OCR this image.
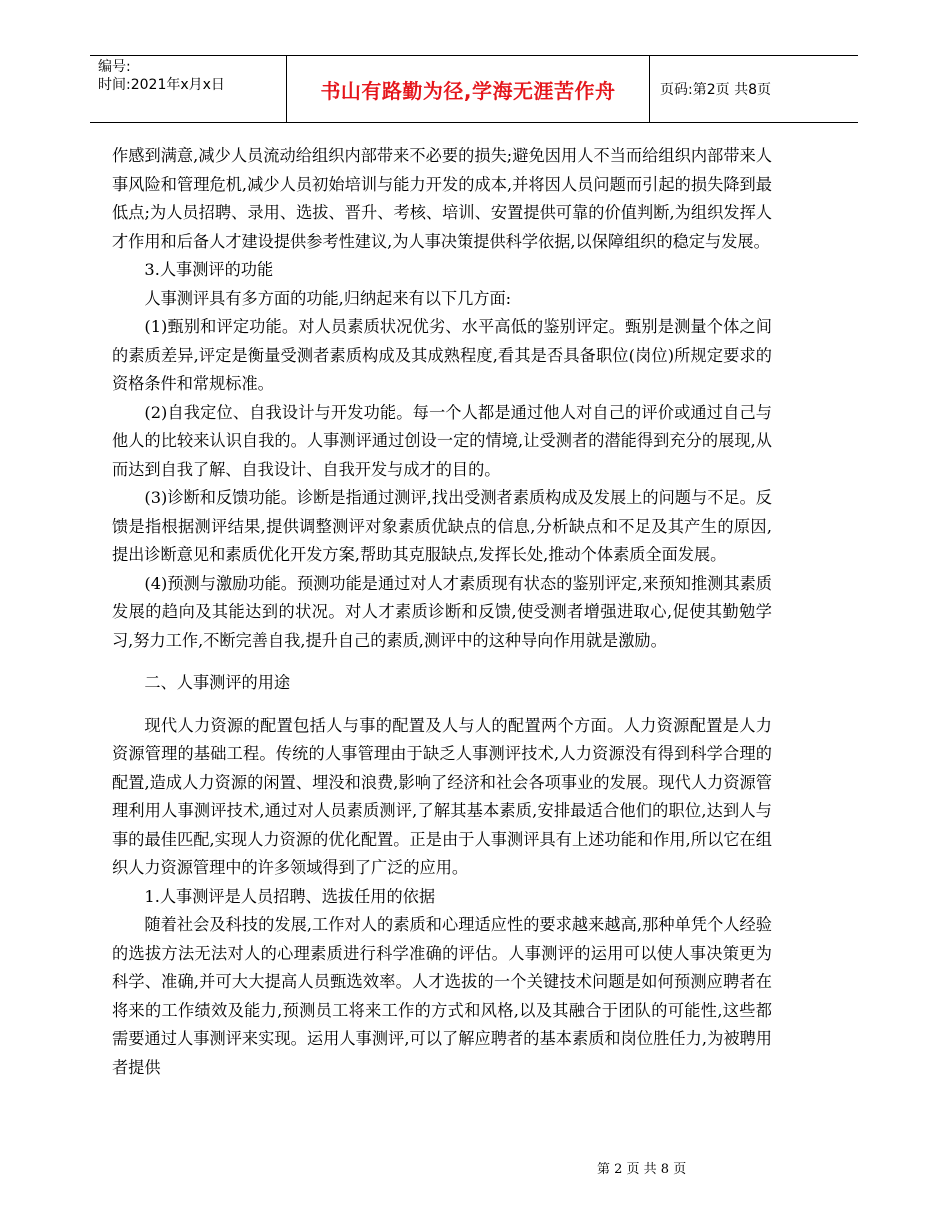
编号:
时间:2021年x月x日	书山有路勤为径,学海无涯苦作舟	页码:第2页 共8页

作感到满意,减少人员流动给组织内部带来不必要的损失;避免因用人不当而给组织内部带来人事风险和管理危机,减少人员初始培训与能力开发的成本,并将因人员问题而引起的损失降到最低点;为人员招聘、录用、选拔、晋升、考核、培训、安置提供可靠的价值判断,为组织发挥人才作用和后备人才建设提供参考性建议,为人事决策提供科学依据,以保障组织的稳定与发展。

3.人事测评的功能

人事测评具有多方面的功能,归纳起来有以下几方面:

(1)甄别和评定功能。对人员素质状况优劣、水平高低的鉴别评定。甄别是测量个体之间的素质差异,评定是衡量受测者素质构成及其成熟程度,看其是否具备职位(岗位)所规定要求的资格条件和常规标准。

(2)自我定位、自我设计与开发功能。每一个人都是通过他人对自己的评价或通过自己与他人的比较来认识自我的。人事测评通过创设一定的情境,让受测者的潜能得到充分的展现,从而达到自我了解、自我设计、自我开发与成才的目的。

(3)诊断和反馈功能。诊断是指通过测评,找出受测者素质构成及发展上的问题与不足。反馈是指根据测评结果,提供调整测评对象素质优缺点的信息,分析缺点和不足及其产生的原因,提出诊断意见和素质优化开发方案,帮助其克服缺点,发挥长处,推动个体素质全面发展。

(4)预测与激励功能。预测功能是通过对人才素质现有状态的鉴别评定,来预知推测其素质发展的趋向及其能达到的状况。对人才素质诊断和反馈,使受测者增强进取心,促使其勤勉学习,努力工作,不断完善自我,提升自己的素质,测评中的这种导向作用就是激励。

二、人事测评的用途

现代人力资源的配置包括人与事的配置及人与人的配置两个方面。人力资源配置是人力资源管理的基础工程。传统的人事管理由于缺乏人事测评技术,人力资源没有得到科学合理的配置,造成人力资源的闲置、埋没和浪费,影响了经济和社会各项事业的发展。现代人力资源管理利用人事测评技术,通过对人员素质测评,了解其基本素质,安排最适合他们的职位,达到人与事的最佳匹配,实现人力资源的优化配置。正是由于人事测评具有上述功能和作用,所以它在组织人力资源管理中的许多领域得到了广泛的应用。

1.人事测评是人员招聘、选拔任用的依据

随着社会及科技的发展,工作对人的素质和心理适应性的要求越来越高,那种单凭个人经验的选拔方法无法对人的心理素质进行科学准确的评估。人事测评的运用可以使人事决策更为科学、准确,并可大大提高人员甄选效率。人才选拔的一个关键技术问题是如何预测应聘者在将来的工作绩效及能力,预测员工将来工作的方式和风格,以及其融合于团队的可能性,这些都需要通过人事测评来实现。运用人事测评,可以了解应聘者的基本素质和岗位胜任力,为被聘用者提供

第 2 页 共 8 页
